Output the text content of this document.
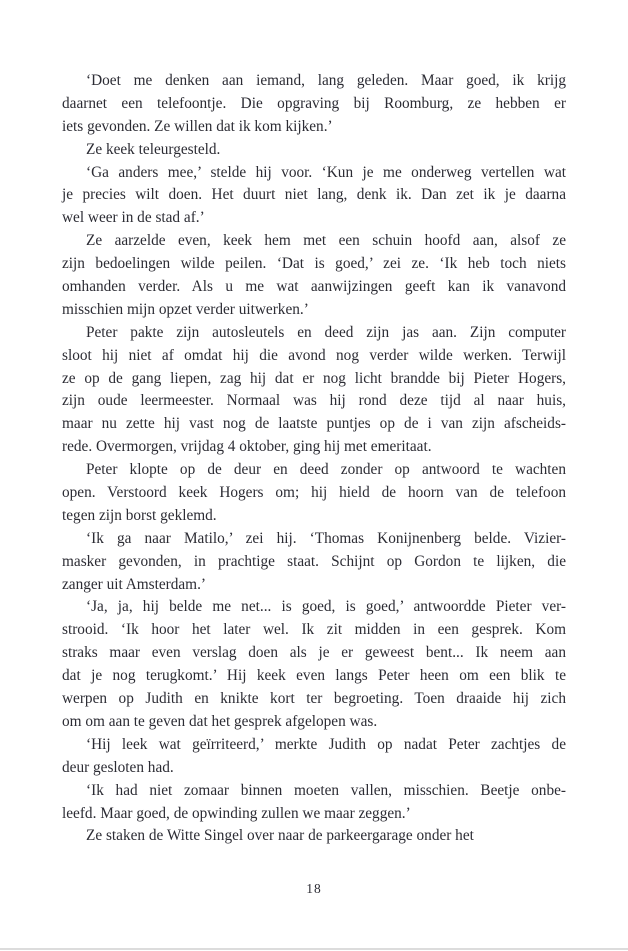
‘Doet me denken aan iemand, lang geleden. Maar goed, ik krijg
daarnet een telefoontje. Die opgraving bij Roomburg, ze hebben er
iets gevonden. Ze willen dat ik kom kijken.’
Ze keek teleurgesteld.
‘Ga anders mee,’ stelde hij voor. ‘Kun je me onderweg vertellen wat
je precies wilt doen. Het duurt niet lang, denk ik. Dan zet ik je daarna
wel weer in de stad af.’
Ze aarzelde even, keek hem met een schuin hoofd aan, alsof ze
zijn bedoelingen wilde peilen. ‘Dat is goed,’ zei ze. ‘Ik heb toch niets
omhanden verder. Als u me wat aanwijzingen geeft kan ik vanavond
misschien mijn opzet verder uitwerken.’
Peter pakte zijn autosleutels en deed zijn jas aan. Zijn computer
sloot hij niet af omdat hij die avond nog verder wilde werken. Terwijl
ze op de gang liepen, zag hij dat er nog licht brandde bij Pieter Hogers,
zijn oude leermeester. Normaal was hij rond deze tijd al naar huis,
maar nu zette hij vast nog de laatste puntjes op de i van zijn afscheids-
rede. Overmorgen, vrijdag 4 oktober, ging hij met emeritaat.
Peter klopte op de deur en deed zonder op antwoord te wachten
open. Verstoord keek Hogers om; hij hield de hoorn van de telefoon
tegen zijn borst geklemd.
‘Ik ga naar Matilo,’ zei hij. ‘Thomas Konijnenberg belde. Vizier-
masker gevonden, in prachtige staat. Schijnt op Gordon te lijken, die
zanger uit Amsterdam.’
‘Ja, ja, hij belde me net... is goed, is goed,’ antwoordde Pieter ver-
strooid. ‘Ik hoor het later wel. Ik zit midden in een gesprek. Kom
straks maar even verslag doen als je er geweest bent... Ik neem aan
dat je nog terugkomt.’ Hij keek even langs Peter heen om een blik te
werpen op Judith en knikte kort ter begroeting. Toen draaide hij zich
om om aan te geven dat het gesprek afgelopen was.
‘Hij leek wat geïrriteerd,’ merkte Judith op nadat Peter zachtjes de
deur gesloten had.
‘Ik had niet zomaar binnen moeten vallen, misschien. Beetje onbe-
leefd. Maar goed, de opwinding zullen we maar zeggen.’
Ze staken de Witte Singel over naar de parkeergarage onder het
18
